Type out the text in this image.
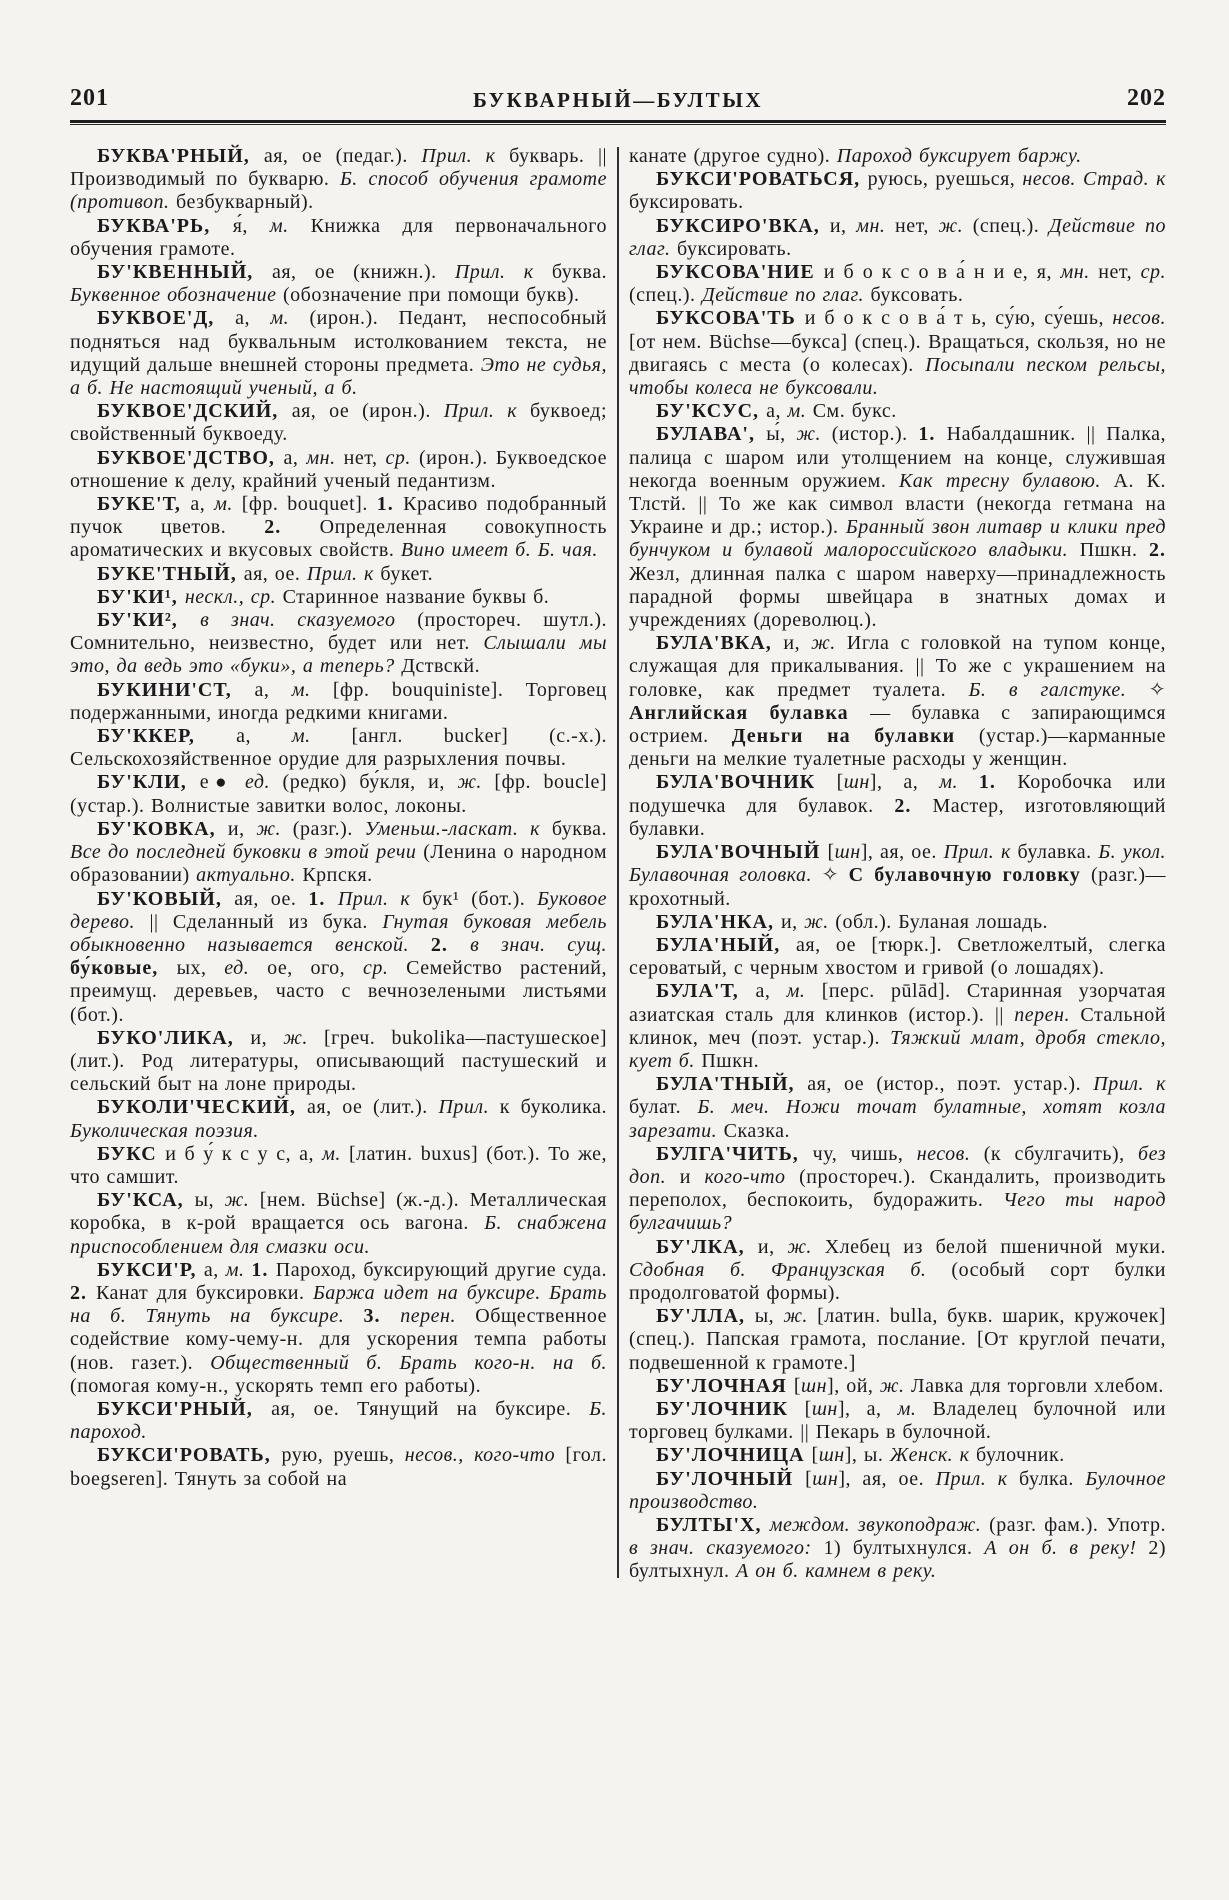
201	БУКВАРНЫЙ—БУЛТЫХ	202

БУКВА'РНЫЙ, ая, ое (педаг.). Прил. к букварь. || Производимый по букварю. Б. способ обучения грамоте (противоп. безбукварный).

БУКВА'РЬ, я́, м. Книжка для первоначального обучения грамоте.

БУ'КВЕННЫЙ, ая, ое (книжн.). Прил. к буква. Буквенное обозначение (обозначение при помощи букв).

БУКВОЕ'Д, а, м. (ирон.). Педант, неспособный подняться над буквальным истолкованием текста, не идущий дальше внешней стороны предмета. Это не судья, а б. Не настоящий ученый, а б.

БУКВОЕ'ДСКИЙ, ая, ое (ирон.). Прил. к буквоед; свойственный буквоеду.

БУКВОЕ'ДСТВО, а, мн. нет, ср. (ирон.). Буквоедское отношение к делу, крайний ученый педантизм.

БУКЕ'Т, а, м. [фр. bouquet]. 1. Красиво подобранный пучок цветов. 2. Определенная совокупность ароматических и вкусовых свойств. Вино имеет б. Б. чая.

БУКЕ'ТНЫЙ, ая, ое. Прил. к букет.

БУ'КИ¹, нескл., ср. Старинное название буквы б.

БУ'КИ², в знач. сказуемого (простореч. шутл.). Сомнительно, неизвестно, будет или нет. Слышали мы это, да ведь это «буки», а теперь? Дствскй.

БУКИНИ'СТ, а, м. [фр. bouquiniste]. Торговец подержанными, иногда редкими книгами.

БУ'ККЕР, а, м. [англ. bucker] (с.-х.). Сельскохозяйственное орудие для разрыхления почвы.

БУ'КЛИ, е● ед. (редко) бу́кля, и, ж. [фр. boucle] (устар.). Волнистые завитки волос, локоны.

БУ'КОВКА, и, ж. (разг.). Уменьш.-ласкат. к буква. Все до последней буковки в этой речи (Ленина о народном образовании) актуально. Крпскя.

БУ'КОВЫЙ, ая, ое. 1. Прил. к бук¹ (бот.). Буковое дерево. || Сделанный из бука. Гнутая буковая мебель обыкновенно называется венской. 2. в знач. сущ. бу́ковые, ых, ед. ое, ого, ср. Семейство растений, преимущ. деревьев, часто с вечнозелеными листьями (бот.).

БУКО'ЛИКА, и, ж. [греч. bukolika—пастушеское] (лит.). Род литературы, описывающий пастушеский и сельский быт на лоне природы.

БУКОЛИ'ЧЕСКИЙ, ая, ое (лит.). Прил. к буколика. Буколическая поэзия.

БУКС и б у́ к с у с, а, м. [латин. buxus] (бот.). То же, что самшит.

БУ'КСА, ы, ж. [нем. Büchse] (ж.-д.). Металлическая коробка, в к-рой вращается ось вагона. Б. снабжена приспособлением для смазки оси.

БУКСИ'Р, а, м. 1. Пароход, буксирующий другие суда. 2. Канат для буксировки. Баржа идет на буксире. Брать на б. Тянуть на буксире. 3. перен. Общественное содействие кому-чему-н. для ускорения темпа работы (нов. газет.). Общественный б. Брать кого-н. на б. (помогая кому-н., ускорять темп его работы).

БУКСИ'РНЫЙ, ая, ое. Тянущий на буксире. Б. пароход.

БУКСИ'РОВАТЬ, рую, руешь, несов., кого-что [гол. boegseren]. Тянуть за собой на

канате (другое судно). Пароход буксирует баржу.

БУКСИ'РОВАТЬСЯ, руюсь, руешься, несов. Страд. к буксировать.

БУКСИРО'ВКА, и, мн. нет, ж. (спец.). Действие по глаг. буксировать.

БУКСОВА'НИЕ и б о к с о в а́ н и е, я, мн. нет, ср. (спец.). Действие по глаг. буксовать.

БУКСОВА'ТЬ и б о к с о в а́ т ь, су́ю, су́ешь, несов. [от нем. Büchse—букса] (спец.). Вращаться, скользя, но не двигаясь с места (о колесах). Посыпали песком рельсы, чтобы колеса не буксовали.

БУ'КСУС, а, м. См. букс.

БУЛАВА', ы́, ж. (истор.). 1. Набалдашник. || Палка, палица с шаром или утолщением на конце, служившая некогда военным оружием. Как тресну булавою. А. К. Тлстй. || То же как символ власти (некогда гетмана на Украине и др.; истор.). Бранный звон литавр и клики пред бунчуком и булавой малороссийского владыки. Пшкн. 2. Жезл, длинная палка с шаром наверху—принадлежность парадной формы швейцара в знатных домах и учреждениях (дореволюц.).

БУЛА'ВКА, и, ж. Игла с головкой на тупом конце, служащая для прикалывания. || То же с украшением на головке, как предмет туалета. Б. в галстуке. ✧ Английская булавка — булавка с запирающимся острием. Деньги на булавки (устар.)—карманные деньги на мелкие туалетные расходы у женщин.

БУЛА'ВОЧНИК [шн], а, м. 1. Коробочка или подушечка для булавок. 2. Мастер, изготовляющий булавки.

БУЛА'ВОЧНЫЙ [шн], ая, ое. Прил. к булавка. Б. укол. Булавочная головка. ✧ С булавочную головку (разг.)—крохотный.

БУЛА'НКА, и, ж. (обл.). Буланая лошадь.

БУЛА'НЫЙ, ая, ое [тюрк.]. Светложелтый, слегка сероватый, с черным хвостом и гривой (о лошадях).

БУЛА'Т, а, м. [перс. pūlād]. Старинная узорчатая азиатская сталь для клинков (истор.). || перен. Стальной клинок, меч (поэт. устар.). Тяжкий млат, дробя стекло, кует б. Пшкн.

БУЛА'ТНЫЙ, ая, ое (истор., поэт. устар.). Прил. к булат. Б. меч. Ножи точат булатные, хотят козла зарезати. Сказка.

БУЛГА'ЧИТЬ, чу, чишь, несов. (к сбулгачить), без доп. и кого-что (простореч.). Скандалить, производить переполох, беспокоить, будоражить. Чего ты народ булгачишь?

БУ'ЛКА, и, ж. Хлебец из белой пшеничной муки. Сдобная б. Французская б. (особый сорт булки продолговатой формы).

БУ'ЛЛА, ы, ж. [латин. bulla, букв. шарик, кружочек] (спец.). Папская грамота, послание. [От круглой печати, подвешенной к грамоте.]

БУ'ЛОЧНАЯ [шн], ой, ж. Лавка для торговли хлебом.

БУ'ЛОЧНИК [шн], а, м. Владелец булочной или торговец булками. || Пекарь в булочной.

БУ'ЛОЧНИЦА [шн], ы. Женск. к булочник.

БУ'ЛОЧНЫЙ [шн], ая, ое. Прил. к булка. Булочное производство.

БУЛТЫ'Х, междом. звукоподраж. (разг. фам.). Употр. в знач. сказуемого: 1) бултыхнулся. А он б. в реку! 2) бултыхнул. А он б. камнем в реку.
